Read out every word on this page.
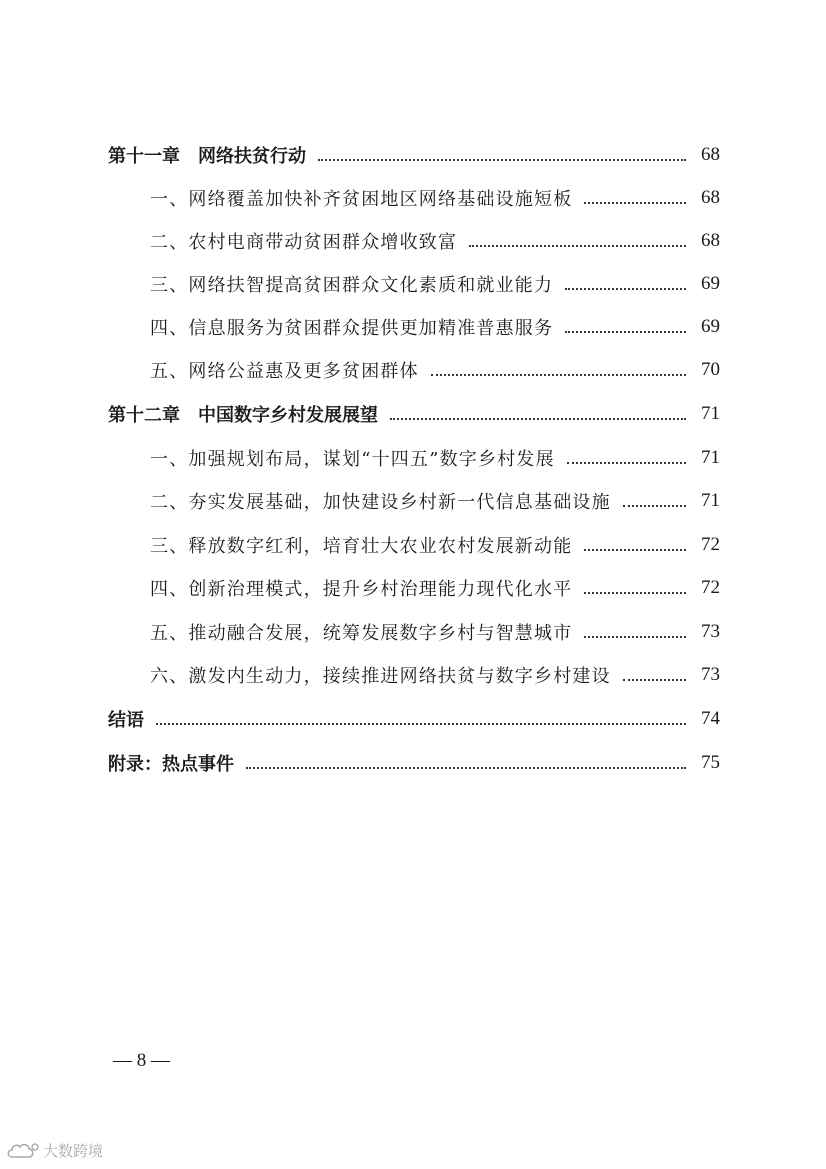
第十一章　网络扶贫行动	68
一、网络覆盖加快补齐贫困地区网络基础设施短板	68
二、农村电商带动贫困群众增收致富	68
三、网络扶智提高贫困群众文化素质和就业能力	69
四、信息服务为贫困群众提供更加精准普惠服务	69
五、网络公益惠及更多贫困群体	70
第十二章　中国数字乡村发展展望	71
一、加强规划布局，谋划“十四五”数字乡村发展	71
二、夯实发展基础，加快建设乡村新一代信息基础设施	71
三、释放数字红利，培育壮大农业农村发展新动能	72
四、创新治理模式，提升乡村治理能力现代化水平	72
五、推动融合发展，统筹发展数字乡村与智慧城市	73
六、激发内生动力，接续推进网络扶贫与数字乡村建设	73
结语	74
附录：热点事件	75
— 8 —
大数跨境
